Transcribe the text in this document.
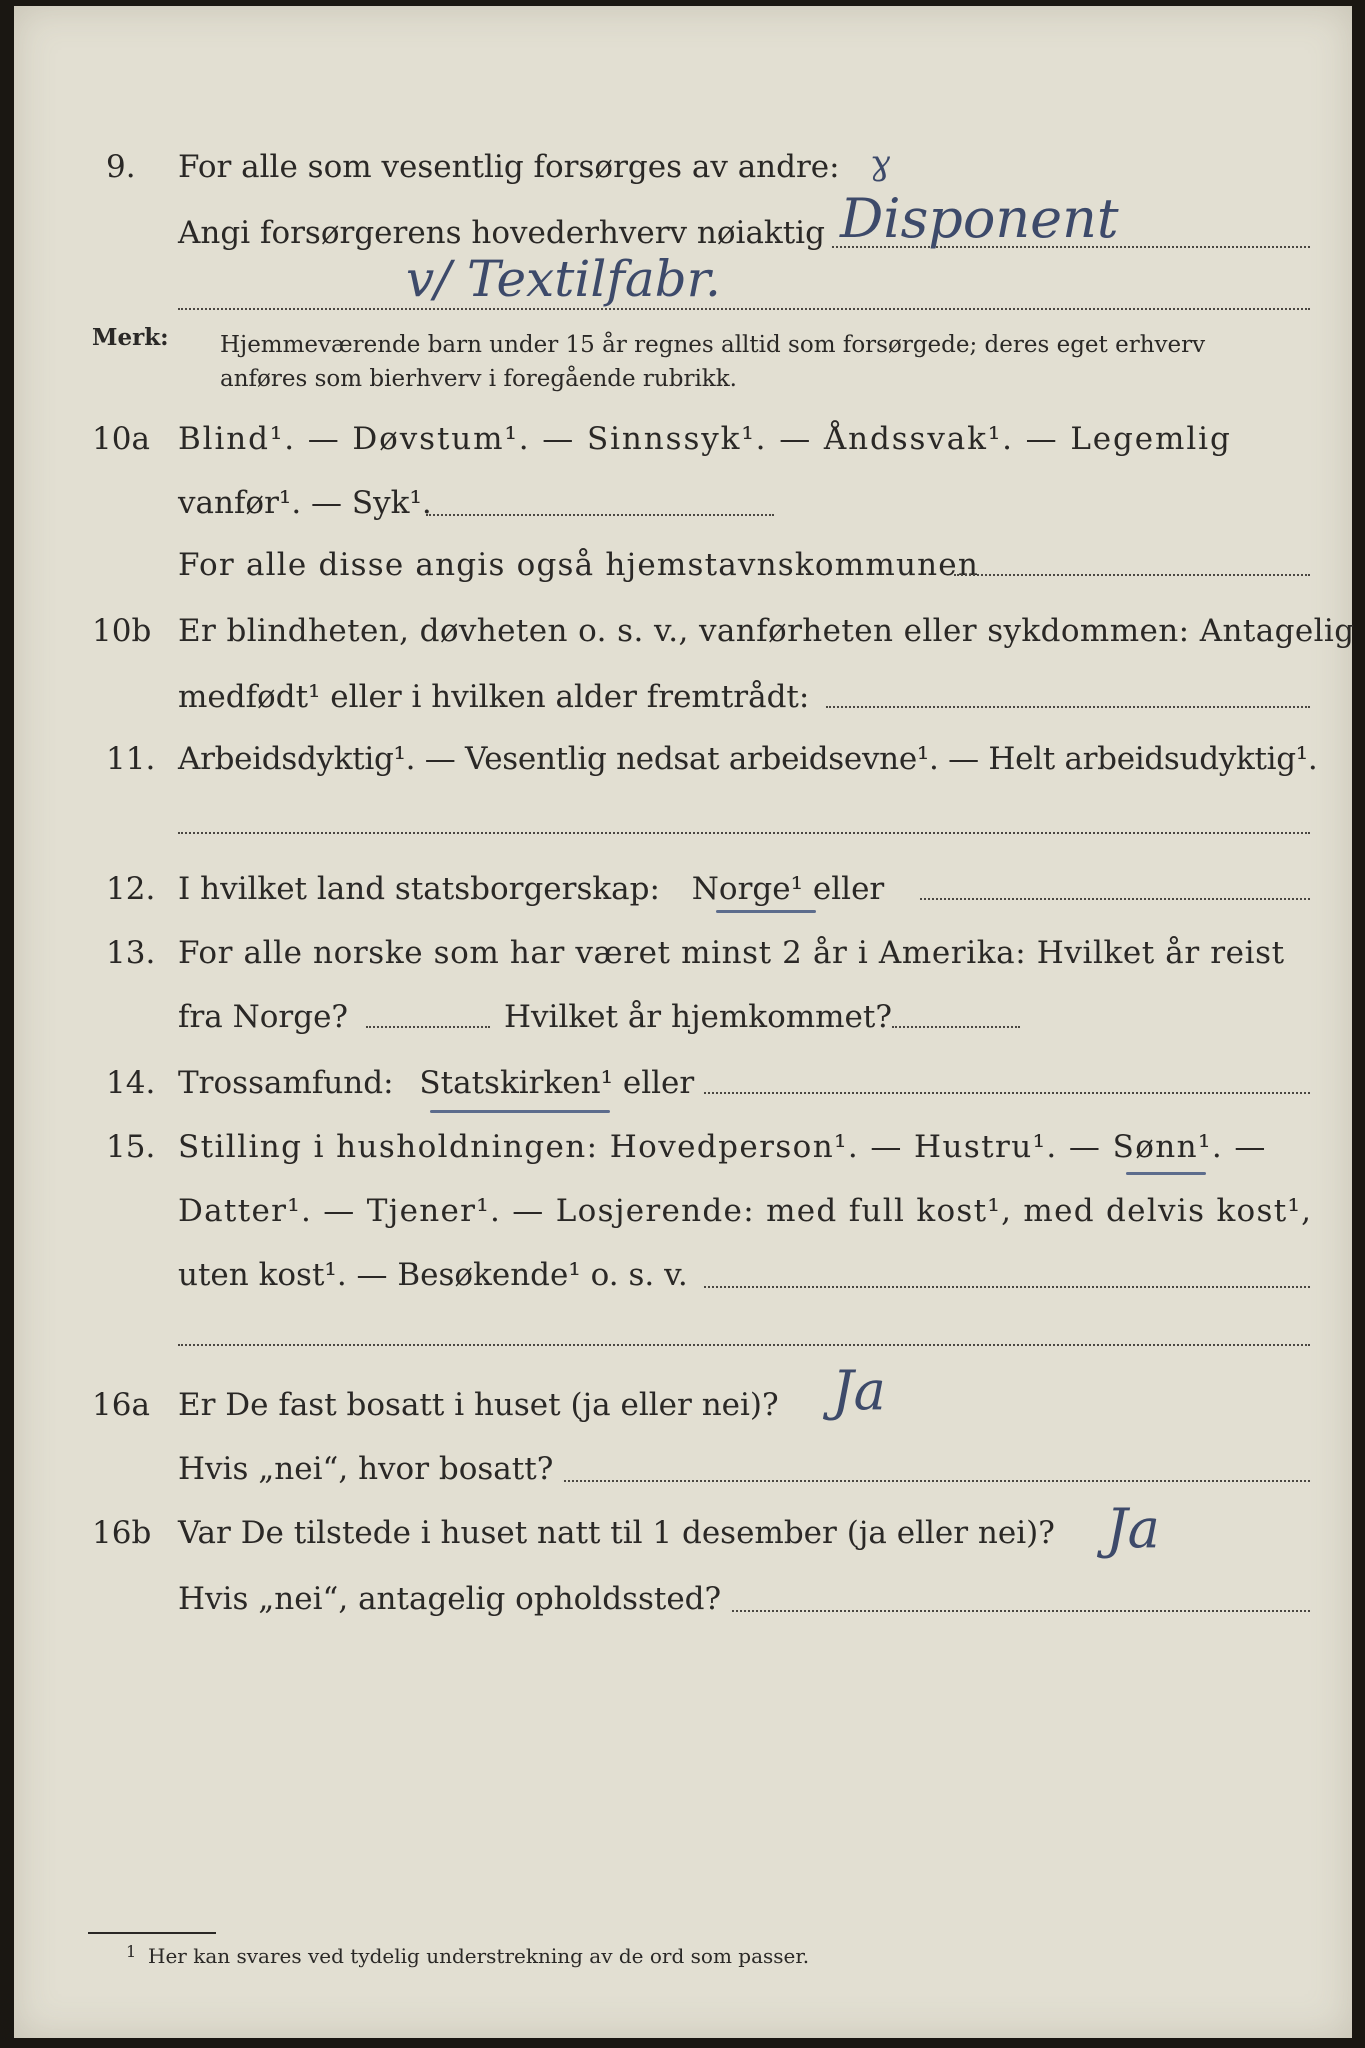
9. For alle som vesentlig forsørges av andre: ɣ
Angi forsørgerens hovederhverv nøiaktig Disponent
v/ Textilfabr.
Merk: Hjemmeværende barn under 15 år regnes alltid som forsørgede; deres eget erhverv
anføres som bierhverv i foregående rubrikk.
10a Blind¹. — Døvstum¹. — Sinnssyk¹. — Åndssvak¹. — Legemlig
vanfør¹. — Syk¹.
For alle disse angis også hjemstavnskommunen
10b Er blindheten, døvheten o. s. v., vanførheten eller sykdommen: Antagelig
medfødt¹ eller i hvilken alder fremtrådt:
11. Arbeidsdyktig¹. — Vesentlig nedsat arbeidsevne¹. — Helt arbeidsudyktig¹.
12. I hvilket land statsborgerskap: Norge¹ eller
13. For alle norske som har været minst 2 år i Amerika: Hvilket år reist
fra Norge?	Hvilket år hjemkommet?
14. Trossamfund: Statskirken¹ eller
15. Stilling i husholdningen: Hovedperson¹. — Hustru¹. — Sønn¹. —
Datter¹. — Tjener¹. — Losjerende: med full kost¹, med delvis kost¹,
uten kost¹. — Besøkende¹ o. s. v.
16a Er De fast bosatt i huset (ja eller nei)? Ja
Hvis „nei“, hvor bosatt?
16b Var De tilstede i huset natt til 1 desember (ja eller nei)? Ja
Hvis „nei“, antagelig opholdssted?
1 Her kan svares ved tydelig understrekning av de ord som passer.
